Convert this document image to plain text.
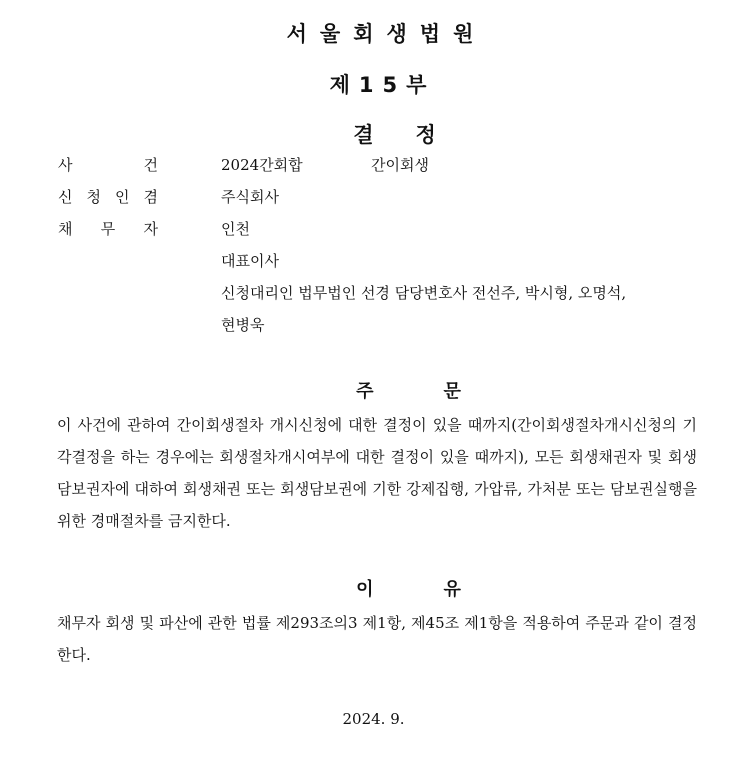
서울회생법원
제15부
결정
사	건	2024간회합	간이회생
신 청 인 겸	주식회사
채 무 자	인천
대표이사
신청대리인 법무법인 선경 담당변호사 전선주, 박시형, 오명석,
현병욱
주문

이 사건에 관하여 간이회생절차 개시신청에 대한 결정이 있을 때까지(간이회생절차개시신청의 기각결정을 하는 경우에는 회생절차개시여부에 대한 결정이 있을 때까지), 모든 회생채권자 및 회생담보권자에 대하여 회생채권 또는 회생담보권에 기한 강제집행, 가압류, 가처분 또는 담보권실행을 위한 경매절차를 금지한다.

이유

채무자 회생 및 파산에 관한 법률 제293조의3 제1항, 제45조 제1항을 적용하여 주문과 같이 결정한다.

2024. 9.
